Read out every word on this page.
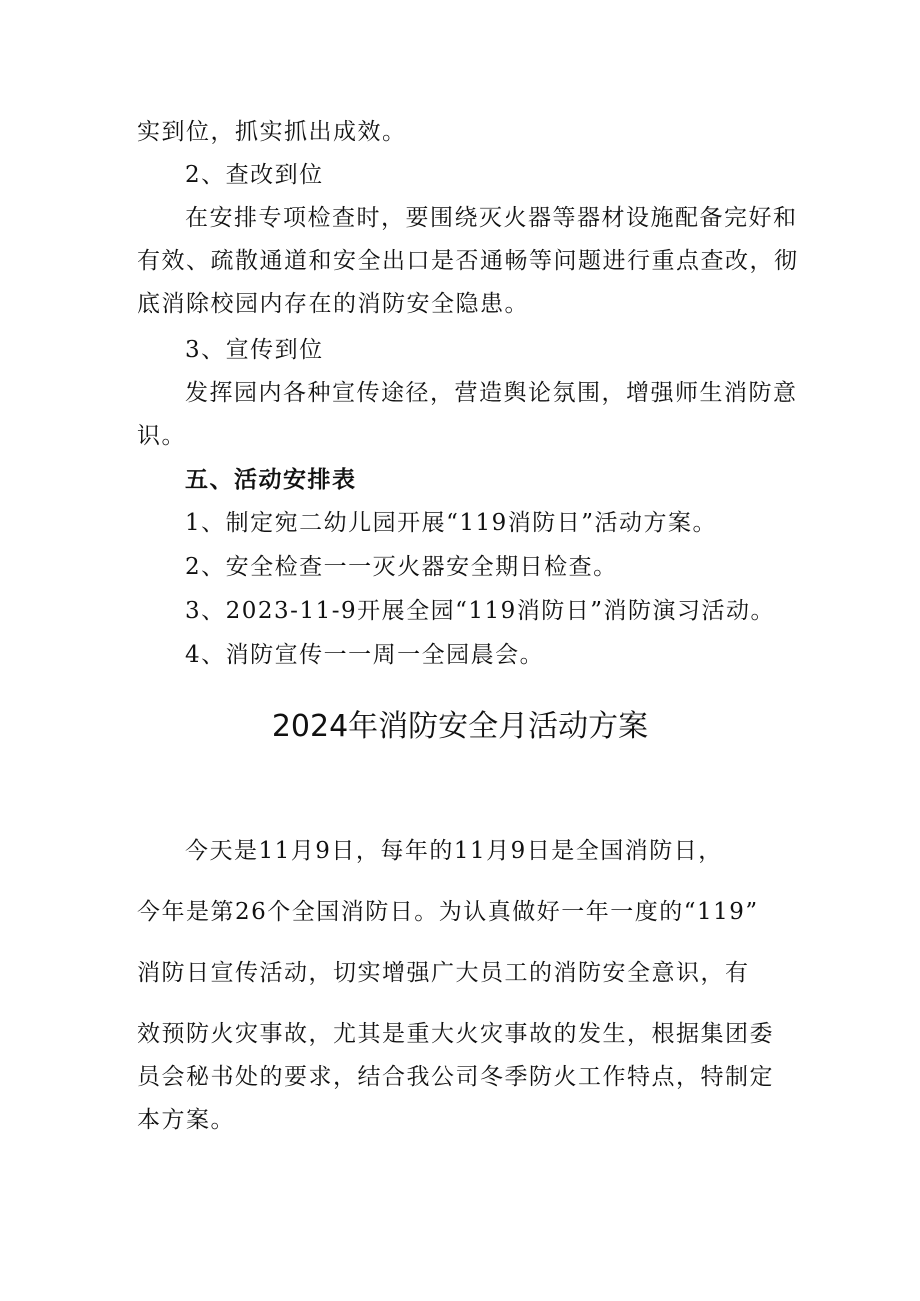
实到位，抓实抓出成效。
2、查改到位
在安排专项检查时，要围绕灭火器等器材设施配备完好和
有效、疏散通道和安全出口是否通畅等问题进行重点查改，彻
底消除校园内存在的消防安全隐患。
3、宣传到位
发挥园内各种宣传途径，营造舆论氛围，增强师生消防意
识。
五、活动安排表
1、制定宛二幼儿园开展“119消防日”活动方案。
2、安全检查一一灭火器安全期日检查。
3、2023-11-9开展全园“119消防日”消防演习活动。
4、消防宣传一一周一全园晨会。
2024年消防安全月活动方案
今天是11月9日，每年的11月9日是全国消防日，
今年是第26个全国消防日。为认真做好一年一度的“119”
消防日宣传活动，切实增强广大员工的消防安全意识，有
效预防火灾事故，尤其是重大火灾事故的发生，根据集团委
员会秘书处的要求，结合我公司冬季防火工作特点，特制定
本方案。
